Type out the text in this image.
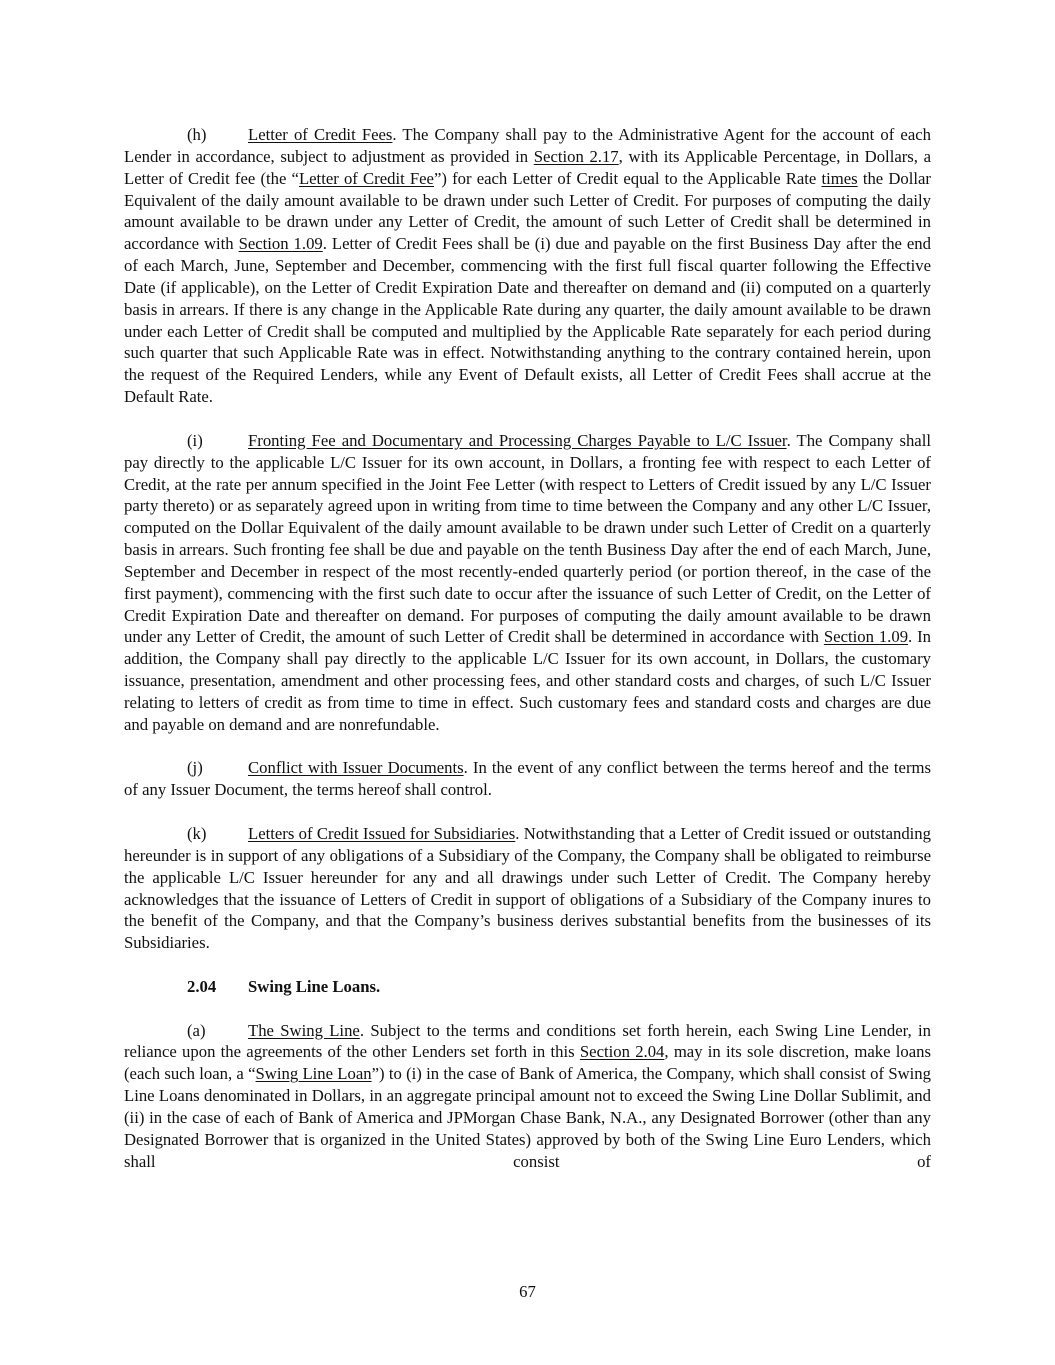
(h) Letter of Credit Fees. The Company shall pay to the Administrative Agent for the account of each Lender in accordance, subject to adjustment as provided in Section 2.17, with its Applicable Percentage, in Dollars, a Letter of Credit fee (the “Letter of Credit Fee”) for each Letter of Credit equal to the Applicable Rate times the Dollar Equivalent of the daily amount available to be drawn under such Letter of Credit. For purposes of computing the daily amount available to be drawn under any Letter of Credit, the amount of such Letter of Credit shall be determined in accordance with Section 1.09. Letter of Credit Fees shall be (i) due and payable on the first Business Day after the end of each March, June, September and December, commencing with the first full fiscal quarter following the Effective Date (if applicable), on the Letter of Credit Expiration Date and thereafter on demand and (ii) computed on a quarterly basis in arrears. If there is any change in the Applicable Rate during any quarter, the daily amount available to be drawn under each Letter of Credit shall be computed and multiplied by the Applicable Rate separately for each period during such quarter that such Applicable Rate was in effect. Notwithstanding anything to the contrary contained herein, upon the request of the Required Lenders, while any Event of Default exists, all Letter of Credit Fees shall accrue at the Default Rate.

(i)	Fronting Fee and Documentary and Processing Charges Payable to L/C Issuer. The Company shall pay directly to the applicable L/C Issuer for its own account, in Dollars, a fronting fee with respect to each Letter of Credit, at the rate per annum specified in the Joint Fee Letter (with respect to Letters of Credit issued by any L/C Issuer party thereto) or as separately agreed upon in writing from time to time between the Company and any other L/C Issuer, computed on the Dollar Equivalent of the daily amount available to be drawn under such Letter of Credit on a quarterly basis in arrears. Such fronting fee shall be due and payable on the tenth Business Day after the end of each March, June, September and December in respect of the most recently-ended quarterly period (or portion thereof, in the case of the first payment), commencing with the first such date to occur after the issuance of such Letter of Credit, on the Letter of Credit Expiration Date and thereafter on demand. For purposes of computing the daily amount available to be drawn under any Letter of Credit, the amount of such Letter of Credit shall be determined in accordance with Section 1.09. In addition, the Company shall pay directly to the applicable L/C Issuer for its own account, in Dollars, the customary issuance, presentation, amendment and other processing fees, and other standard costs and charges, of such L/C Issuer relating to letters of credit as from time to time in effect. Such customary fees and standard costs and charges are due and payable on demand and are nonrefundable.

(j)	Conflict with Issuer Documents. In the event of any conflict between the terms hereof and the terms of any Issuer Document, the terms hereof shall control.

(k) Letters of Credit Issued for Subsidiaries. Notwithstanding that a Letter of Credit issued or outstanding hereunder is in support of any obligations of a Subsidiary of the Company, the Company shall be obligated to reimburse the applicable L/C Issuer hereunder for any and all drawings under such Letter of Credit. The Company hereby acknowledges that the issuance of Letters of Credit in support of obligations of a Subsidiary of the Company inures to the benefit of the Company, and that the Company’s business derives substantial benefits from the businesses of its Subsidiaries.

2.04 Swing Line Loans.

(a)	The Swing Line. Subject to the terms and conditions set forth herein, each Swing Line Lender, in reliance upon the agreements of the other Lenders set forth in this Section 2.04, may in its sole discretion, make loans (each such loan, a “Swing Line Loan”) to (i) in the case of Bank of America, the Company, which shall consist of Swing Line Loans denominated in Dollars, in an aggregate principal amount not to exceed the Swing Line Dollar Sublimit, and (ii) in the case of each of Bank of America and JPMorgan Chase Bank, N.A., any Designated Borrower (other than any Designated Borrower that is organized in the United States) approved by both of the Swing Line Euro Lenders, which shall consist of

67
